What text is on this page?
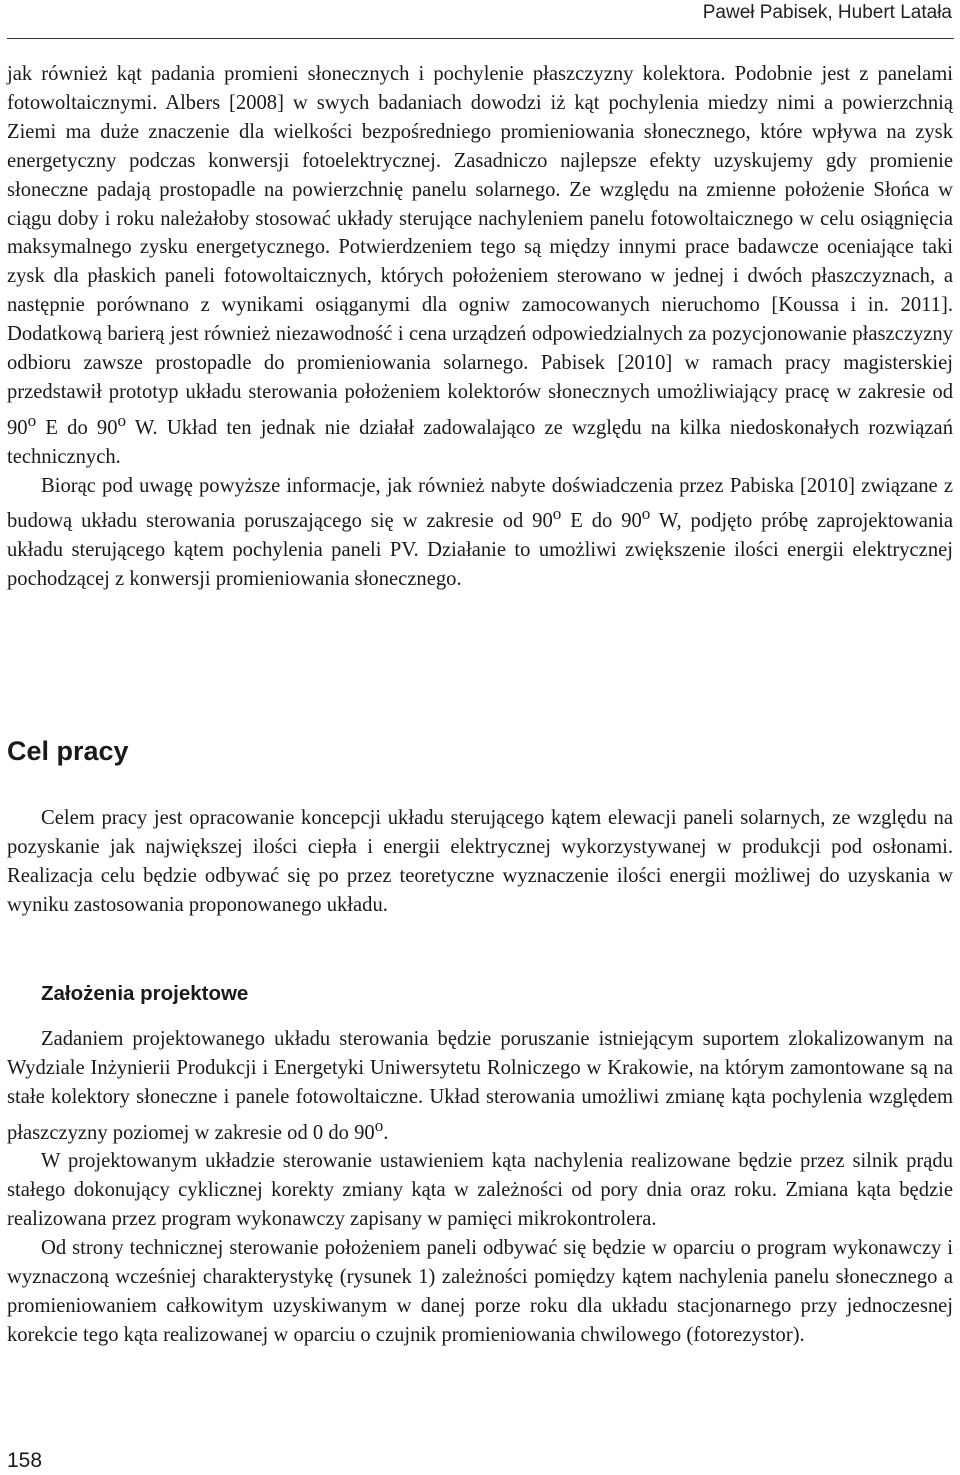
Paweł Pabisek, Hubert Latała

jak również kąt padania promieni słonecznych i pochylenie płaszczyzny kolektora. Podobnie jest z panelami fotowoltaicznymi. Albers [2008] w swych badaniach dowodzi iż kąt pochylenia miedzy nimi a powierzchnią Ziemi ma duże znaczenie dla wielkości bezpośredniego promieniowania słonecznego, które wpływa na zysk energetyczny podczas konwersji fotoelektrycznej. Zasadniczo najlepsze efekty uzyskujemy gdy promienie słoneczne padają prostopadle na powierzchnię panelu solarnego. Ze względu na zmienne położenie Słońca w ciągu doby i roku należałoby stosować układy sterujące nachyleniem panelu fotowoltaicznego w celu osiągnięcia maksymalnego zysku energetycznego. Potwierdzeniem tego są między innymi prace badawcze oceniające taki zysk dla płaskich paneli fotowoltaicznych, których położeniem sterowano w jednej i dwóch płaszczyznach, a następnie porównano z wynikami osiąganymi dla ogniw zamocowanych nieruchomo [Koussa i in. 2011]. Dodatkową barierą jest również niezawodność i cena urządzeń odpowiedzialnych za pozycjonowanie płaszczyzny odbioru zawsze prostopadle do promieniowania solarnego. Pabisek [2010] w ramach pracy magisterskiej przedstawił prototyp układu sterowania położeniem kolektorów słonecznych umożliwiający pracę w zakresie od 90$^o$ E do 90$^o$ W. Układ ten jednak nie działał zadowalająco ze względu na kilka niedoskonałych rozwiązań technicznych.

Biorąc pod uwagę powyższe informacje, jak również nabyte doświadczenia przez Pabiska [2010] związane z budową układu sterowania poruszającego się w zakresie od 90$^o$ E do 90$^o$ W, podjęto próbę zaprojektowania układu sterującego kątem pochylenia paneli PV. Działanie to umożliwi zwiększenie ilości energii elektrycznej pochodzącej z konwersji promieniowania słonecznego.

Cel pracy

Celem pracy jest opracowanie koncepcji układu sterującego kątem elewacji paneli solarnych, ze względu na pozyskanie jak największej ilości ciepła i energii elektrycznej wykorzystywanej w produkcji pod osłonami. Realizacja celu będzie odbywać się po przez teoretyczne wyznaczenie ilości energii możliwej do uzyskania w wyniku zastosowania proponowanego układu.

Założenia projektowe

Zadaniem projektowanego układu sterowania będzie poruszanie istniejącym suportem zlokalizowanym na Wydziale Inżynierii Produkcji i Energetyki Uniwersytetu Rolniczego w Krakowie, na którym zamontowane są na stałe kolektory słoneczne i panele fotowoltaiczne. Układ sterowania umożliwi zmianę kąta pochylenia względem płaszczyzny poziomej w zakresie od 0 do 90$^o$.

W projektowanym układzie sterowanie ustawieniem kąta nachylenia realizowane będzie przez silnik prądu stałego dokonujący cyklicznej korekty zmiany kąta w zależności od pory dnia oraz roku. Zmiana kąta będzie realizowana przez program wykonawczy zapisany w pamięci mikrokontrolera.

Od strony technicznej sterowanie położeniem paneli odbywać się będzie w oparciu o program wykonawczy i wyznaczoną wcześniej charakterystykę (rysunek 1) zależności pomiędzy kątem nachylenia panelu słonecznego a promieniowaniem całkowitym uzyskiwanym w danej porze roku dla układu stacjonarnego przy jednoczesnej korekcie tego kąta realizowanej w oparciu o czujnik promieniowania chwilowego (fotorezystor).

158
